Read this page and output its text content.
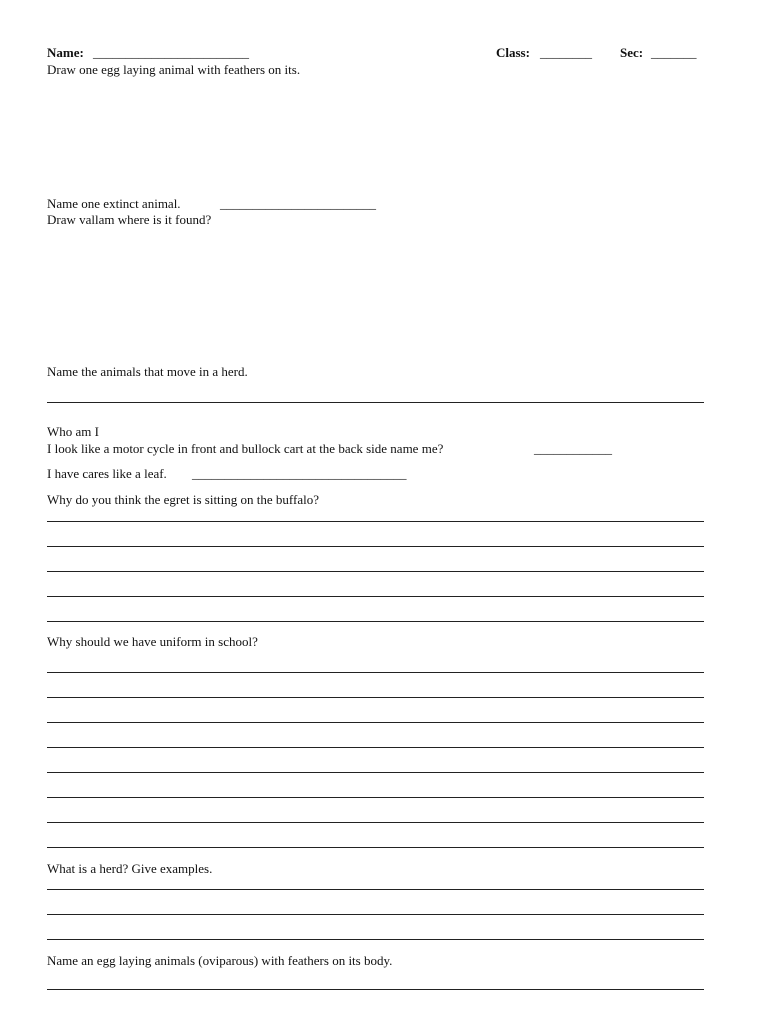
Name: ________________________	Class: ________ Sec: _______
Draw one egg laying animal with feathers on its.
Name one extinct animal.	________________________
Draw vallam where is it found?
Name the animals that move in a herd.
Who am I
I look like a motor cycle in front and bullock cart at the back side name me?	____________
I have cares like a leaf. _________________________________
Why do you think the egret is sitting on the buffalo?
Why should we have uniform in school?
What is a herd? Give examples.
Name an egg laying animals (oviparous) with feathers on its body.
